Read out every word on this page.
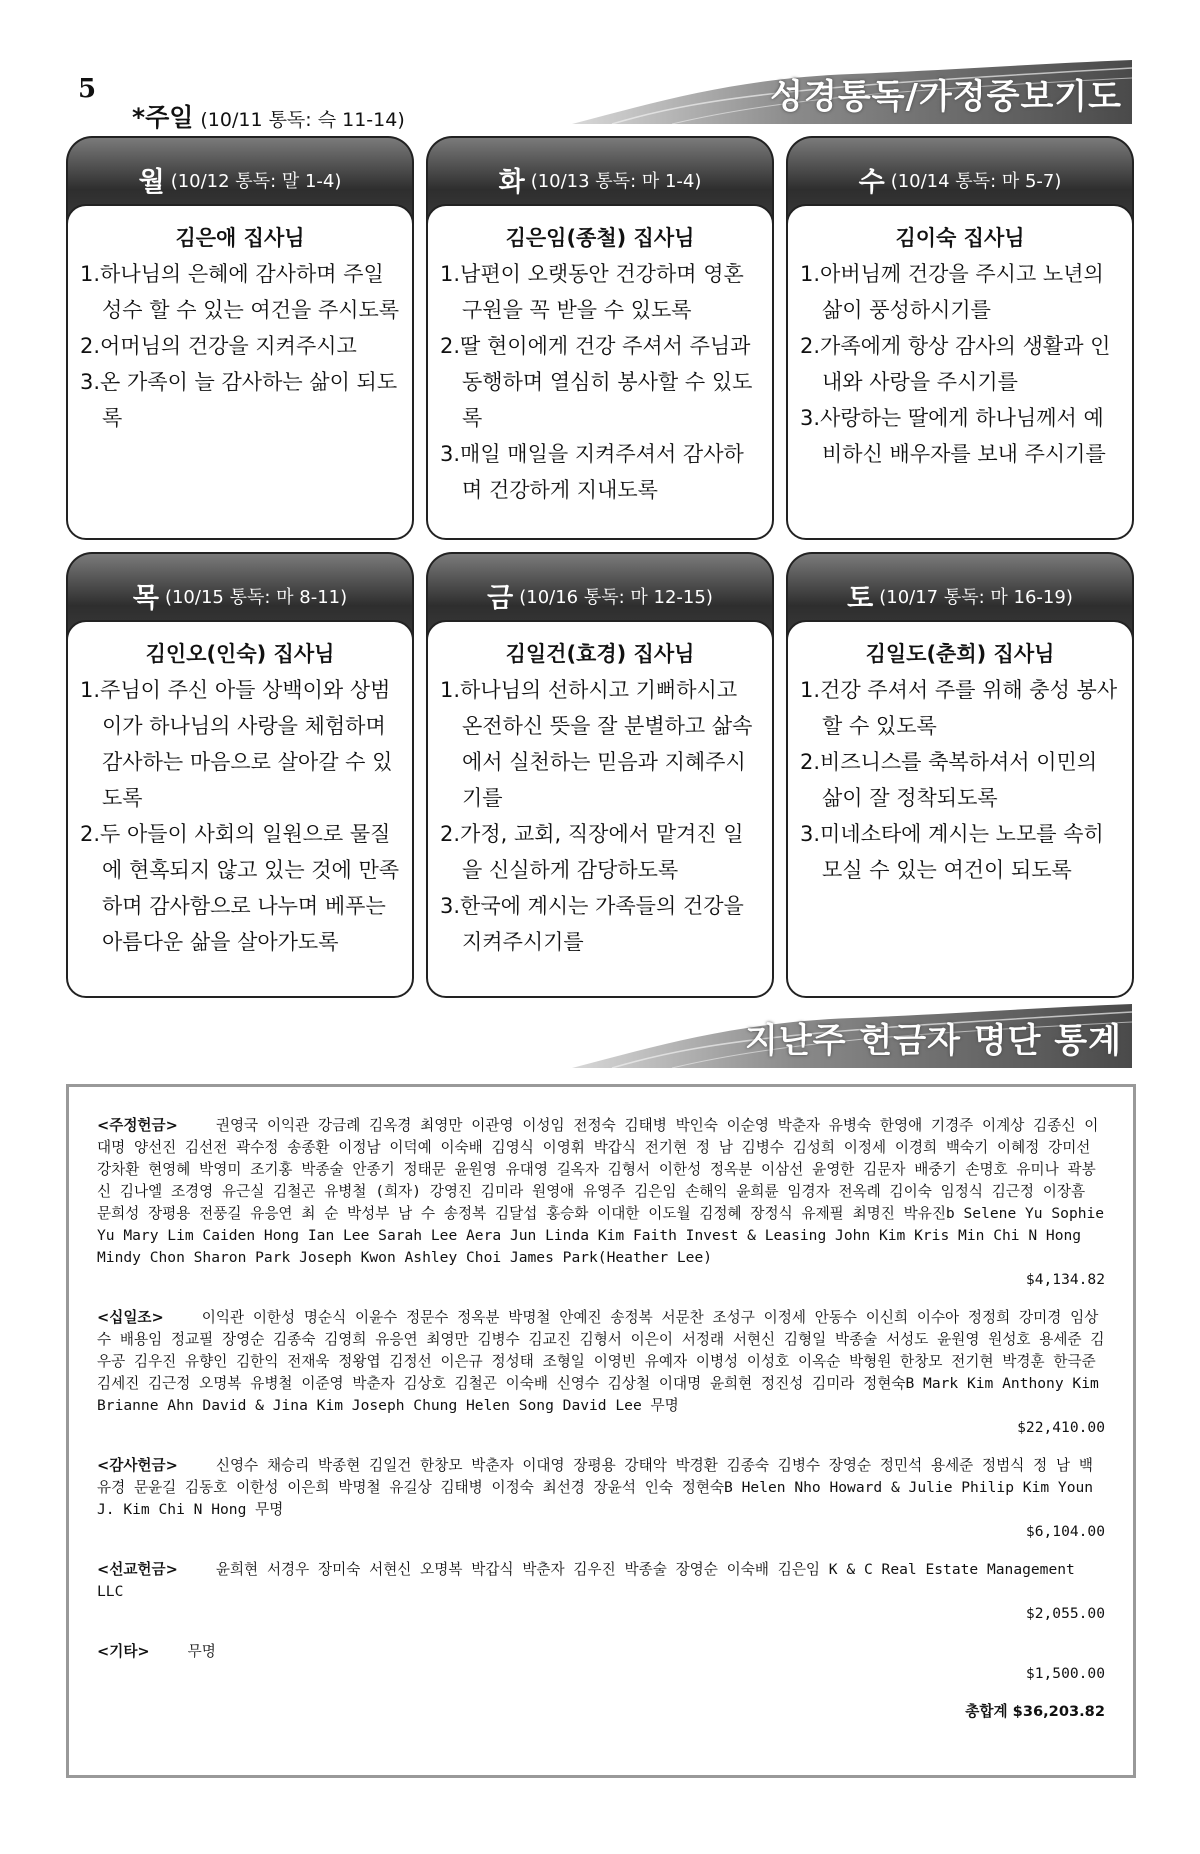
5
*주일 (10/11 통독: 슥 11-14)
성경통독/가정중보기도
월 (10/12 통독: 말 1-4)
김은애 집사님
1.하나님의 은혜에 감사하며 주일성수 할 수 있는 여건을 주시도록
2.어머님의 건강을 지켜주시고
3.온 가족이 늘 감사하는 삶이 되도록
화 (10/13 통독: 마 1-4)
김은임(종철) 집사님
1.남편이 오랫동안 건강하며 영혼구원을 꼭 받을 수 있도록
2.딸 현이에게 건강 주셔서 주님과 동행하며 열심히 봉사할 수 있도록
3.매일 매일을 지켜주셔서 감사하며 건강하게 지내도록
수 (10/14 통독: 마 5-7)
김이숙 집사님
1.아버님께 건강을 주시고 노년의 삶이 풍성하시기를
2.가족에게 항상 감사의 생활과 인내와 사랑을 주시기를
3.사랑하는 딸에게 하나님께서 예비하신 배우자를 보내 주시기를
목 (10/15 통독: 마 8-11)
김인오(인숙) 집사님
1.주님이 주신 아들 상백이와 상범이가 하나님의 사랑을 체험하며 감사하는 마음으로 살아갈 수 있도록
2.두 아들이 사회의 일원으로 물질에 현혹되지 않고 있는 것에 만족하며 감사함으로 나누며 베푸는 아름다운 삶을 살아가도록
금 (10/16 통독: 마 12-15)
김일건(효경) 집사님
1.하나님의 선하시고 기뻐하시고 온전하신 뜻을 잘 분별하고 삶속에서 실천하는 믿음과 지혜주시기를
2.가정, 교회, 직장에서 맡겨진 일을 신실하게 감당하도록
3.한국에 계시는 가족들의 건강을 지켜주시기를
토 (10/17 통독: 마 16-19)
김일도(춘희) 집사님
1.건강 주셔서 주를 위해 충성 봉사 할 수 있도록
2.비즈니스를 축복하셔서 이민의 삶이 잘 정착되도록
3.미네소타에 계시는 노모를 속히 모실 수 있는 여건이 되도록
지난주 헌금자 명단 통계
<주정헌금>	권영국 이익관 강금례 김옥경 최영만 이관영 이성임 전정숙 김태병 박인숙 이순영 박춘자 유병숙 한영애 기경주 이계상 김종신 이대명 양선진 김선전 곽수정 송종환 이정남 이덕예 이숙배 김영식 이영휘 박갑식 전기현 정 남 김병수 김성희 이정세 이경희 백숙기 이혜정 강미선 강차환 현영혜 박영미 조기홍 박종술 안종기 정태문 윤원영 유대영 길옥자 김형서 이한성 정옥분 이삼선 윤영한 김문자 배중기 손명호 유미나 곽봉신 김나엘 조경영 유근실 김철곤 유병철 (희자) 강영진 김미라 원영애 유영주 김은임 손해익 윤희륜 임경자 전옥례 김이숙 임정식 김근정 이장흠 문희성 장평용 전풍길 유응연 최 순 박성부 남 수 송정복 김달섭 홍승화 이대한 이도월 김정혜 장정식 유제필 최명진 박유진b Selene Yu Sophie Yu Mary Lim Caiden Hong Ian Lee Sarah Lee Aera Jun Linda Kim Faith Invest & Leasing John Kim Kris Min Chi N Hong Mindy Chon Sharon Park Joseph Kwon Ashley Choi James Park(Heather Lee)
$4,134.82
<십일조>	이익관 이한성 명순식 이윤수 정문수 정옥분 박명철 안예진 송정복 서문찬 조성구 이정세 안동수 이신희 이수아 정정희 강미경 임상수 배용임 정교필 장영순 김종숙 김영희 유응연 최영만 김병수 김교진 김형서 이은이 서정래 서현신 김형일 박종술 서성도 윤원영 원성호 용세준 김우공 김우진 유향인 김한익 전재욱 정왕엽 김정선 이은규 정성태 조형일 이영빈 유예자 이병성 이성호 이옥순 박형원 한창모 전기현 박경훈 한극준 김세진 김근정 오명복 유병철 이준영 박춘자 김상호 김철곤 이숙배 신영수 김상철 이대명 윤희현 정진성 김미라 정현숙B Mark Kim Anthony Kim Brianne Ahn David & Jina Kim Joseph Chung Helen Song David Lee 무명
$22,410.00
<감사헌금>	신영수 채승리 박종현 김일건 한창모 박춘자 이대영 장평용 강태악 박경환 김종숙 김병수 장영순 정민석 용세준 정범식 정 남 백유경 문윤길 김동호 이한성 이은희 박명철 유길상 김태병 이정숙 최선경 장윤석 인숙 정현숙B Helen Nho Howard & Julie Philip Kim Youn J. Kim Chi N Hong 무명
$6,104.00
<선교헌금>	윤희현 서경우 장미숙 서현신 오명복 박갑식 박춘자 김우진 박종술 장영순 이숙배 김은임 K & C Real Estate Management LLC
$2,055.00
<기타>	무명
$1,500.00
총합계 $36,203.82
